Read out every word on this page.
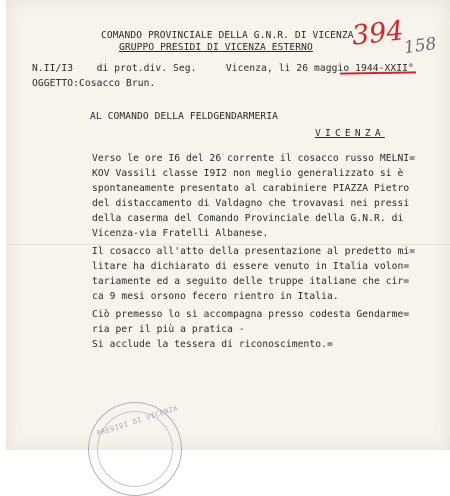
COMANDO PROVINCIALE DELLA G.N.R. DI VICENZA
GRUPPO PRESIDI DI VICENZA ESTERNO 394
158
N.II/I3    di prot.div. Seg.     Vicenza, li 26 maggio 1944-XXII°
OGGETTO:Cosacco Brun.
AL COMANDO DELLA FELDGENDARMERIA
VICENZA
Verso le ore I6 del 26 corrente il cosacco russo MELNI=
KOV Vassili classe I9I2 non meglio generalizzato si è
spontaneamente presentato al carabiniere PIAZZA Pietro
del distaccamento di Valdagno che trovavasi nei pressi
della caserma del Comando Provinciale della G.N.R. di
Vicenza-via Fratelli Albanese.
Il cosacco all'atto della presentazione al predetto mi=
litare ha dichiarato di essere venuto in Italia volon=
tariamente ed a seguito delle truppe italiane che cir=
ca 9 mesi orsono fecero rientro in Italia.
Ciò premesso lo si accompagna presso codesta Gendarme=
ria per il più a pratica -
Si acclude la tessera di riconoscimento.=
PRESIDI DI VICENZA
